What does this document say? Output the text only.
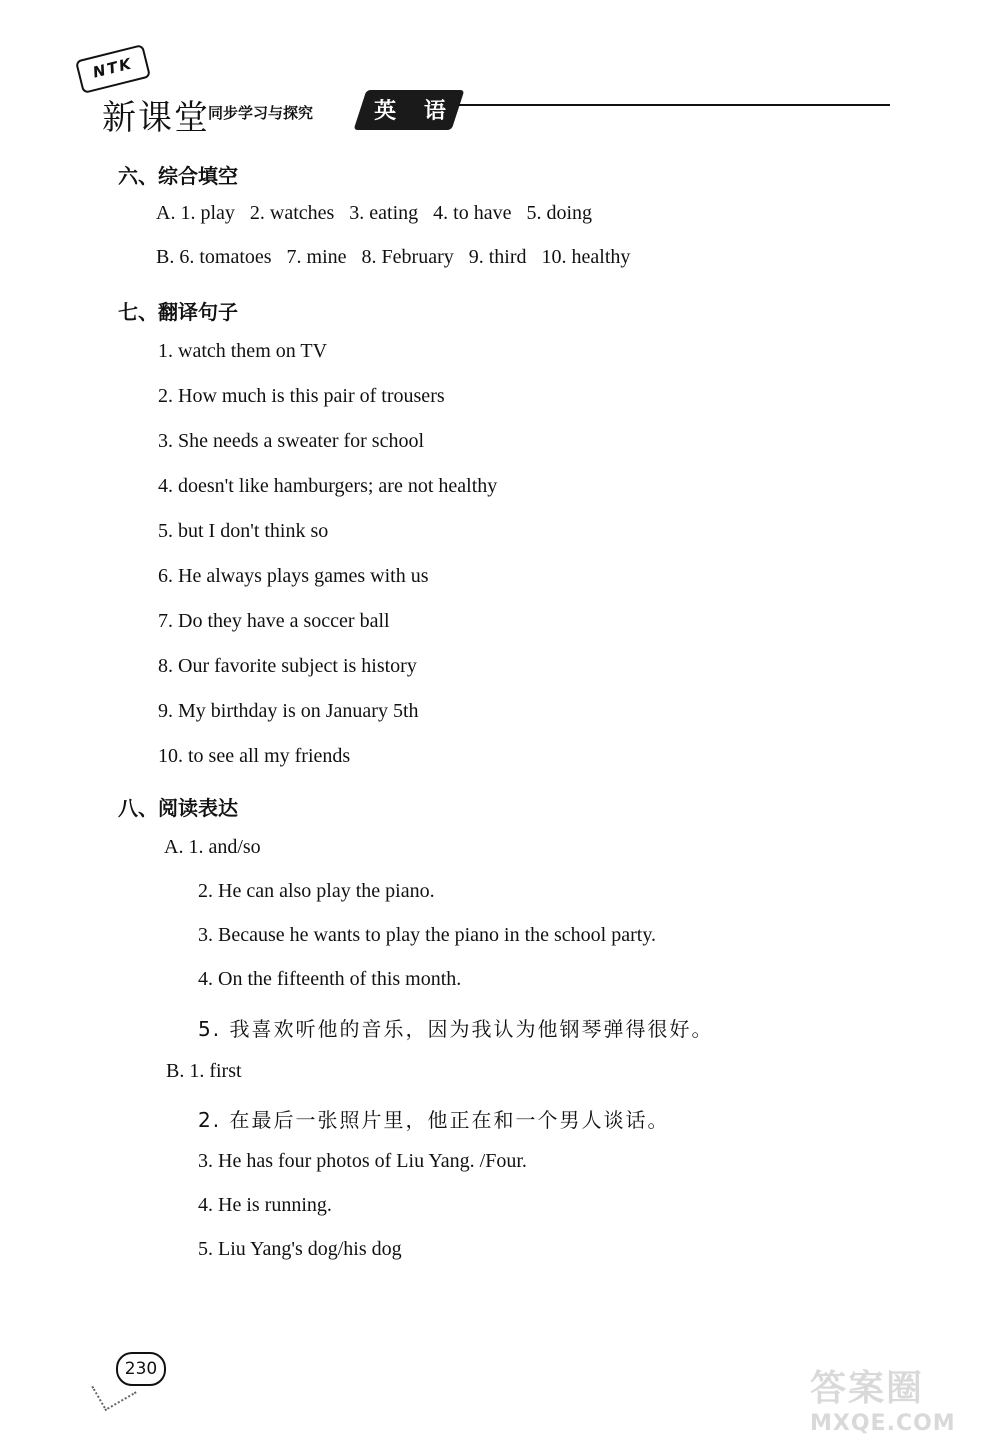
NTK
新课堂
同步学习与探究	英 语
六、综合填空
A. 1. play   2. watches   3. eating   4. to have   5. doing
B. 6. tomatoes   7. mine   8. February   9. third   10. healthy
七、翻译句子
1. watch them on TV
2. How much is this pair of trousers
3. She needs a sweater for school
4. doesn't like hamburgers; are not healthy
5. but I don't think so
6. He always plays games with us
7. Do they have a soccer ball
8. Our favorite subject is history
9. My birthday is on January 5th
10. to see all my friends
八、阅读表达
A. 1. and/so
2. He can also play the piano.
3. Because he wants to play the piano in the school party.
4. On the fifteenth of this month.
5. 我喜欢听他的音乐，因为我认为他钢琴弹得很好。
B. 1. first
2. 在最后一张照片里，他正在和一个男人谈话。
3. He has four photos of Liu Yang. /Four.
4. He is running.
5. Liu Yang's dog/his dog
230	答案圈
MXQE.COM
